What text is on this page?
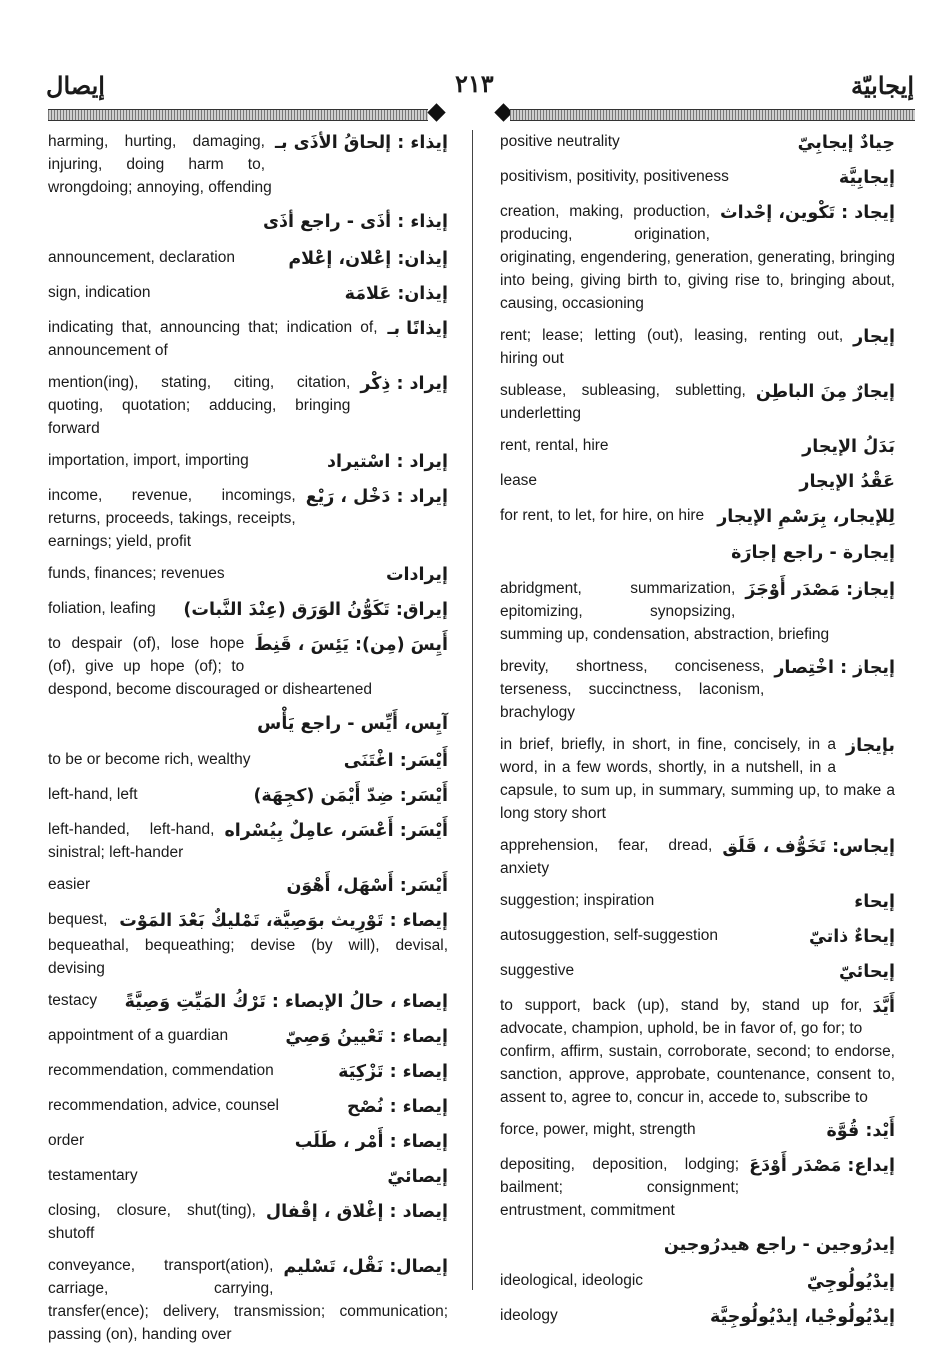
إيصال	٢١٣	إيجابيّة
إيذاء : إلحاقُ الأذَى بـ
harming, hurting, damaging, injuring, doing harm to, wrongdoing; annoying, offending
إيذاء : أذَى - راجع أذَى
إيذان: إعْلان، إعْلام
announcement, declaration
إيذان: عَلامَة
sign, indication
إيذانًا بـ
indicating that, announcing that; indication of, announcement of
إيراد : ذِكْر
mention(ing), stating, citing, citation, quoting, quotation; adducing, bringing forward
إيراد : اسْتيراد
importation, import, importing
إيراد : دَخْل ، رَيْع
income, revenue, incomings, returns, proceeds, takings, receipts, earnings; yield, profit
إيرادات
funds, finances; revenues
إيراق: تَكَوُّنُ الوَرَق (عِنْدَ النَّبات)
foliation, leafing
أَيِسَ (مِن): يَئِسَ ، قَنِطَ
to despair (of), lose hope (of), give up hope (of); to despond, become discouraged or disheartened
آيِس، أَيِّس - راجع يَأْس
أَيْسَر: اغْتَنَى
to be or become rich, wealthy
أَيْسَر: ضِدّ أَيْمَن (كجِهَة)
left-hand, left
أَيْسَر: أَعْسَر، عامِلٌ بِيُسْراه
left-handed, left-hand, sinistral; left-hander
أَيْسَر: أَسْهَل، أَهْوَن
easier
إيصاء : تَوْرِيث بوَصِيَّة، تَمْليكٌ بَعْدَ المَوْت
bequest, bequeathal, bequeathing; devise (by will), devisal, devising
إيصاء ، حالُ الإيصاء : تَرْكُ المَيِّتِ وَصِيَّةً
testacy
إيصاء : تَعْيينُ وَصِيّ
appointment of a guardian
إيصاء : تَزْكِيَة
recommendation, commendation
إيصاء : نُصْح
recommendation, advice, counsel
إيصاء : أَمْر ، طَلَب
order
إيصائيّ
testamentary
إيصاد : إغْلاق ، إقْفال
closing, closure, shut(ting), shutoff
إيصال: نَقْل، تَسْليم
conveyance, transport(ation), carriage, carrying, transfer(ence); delivery, transmission; communication; passing (on), handing over
حِيادٌ إيجابِيّ
positive neutrality
إيجابِيَّة
positivism, positivity, positiveness
إيجاد : تَكْوين، إحْداث
creation, making, production, producing, origination, originating, engendering, generation, generating, bringing into being, giving birth to, giving rise to, bringing about, causing, occasioning
إيجار
rent; lease; letting (out), leasing, renting out, hiring out
إيجارٌ مِنَ الباطِن
sublease, subleasing, subletting, underletting
بَدَلُ الإيجار
rent, rental, hire
عَقْدُ الإيجار
lease
لِلإيجار، بِرَسْمِ الإيجار
for rent, to let, for hire, on hire
إيجارة - راجع إجارَة
إيجاز: مَصْدَر أَوْجَزَ
abridgment, summarization, epitomizing, synopsizing, summing up, condensation, abstraction, briefing
إيجاز : اخْتِصار
brevity, shortness, conciseness, terseness, succinctness, laconism, brachylogy
بإيجاز
in brief, briefly, in short, in fine, concisely, in a word, in a few words, shortly, in a nutshell, in a capsule, to sum up, in summary, summing up, to make a long story short
إيجاس: تَخَوُّف ، قَلَق
apprehension, fear, dread, anxiety
إيحاء
suggestion; inspiration
إيحاءٌ ذاتيّ
autosuggestion, self-suggestion
إيحائيّ
suggestive
أَيَّدَ
to support, back (up), stand by, stand up for, advocate, champion, uphold, be in favor of, go for; to confirm, affirm, sustain, corroborate, second; to endorse, sanction, approve, approbate, countenance, consent to, assent to, agree to, concur in, accede to, subscribe to
أَيْد: قُوَّة
force, power, might, strength
إيداع: مَصْدَر أَوْدَعَ
depositing, deposition, lodging; bailment; consignment; entrustment, commitment
إيدرُوجين - راجع هيدرُوجين
إيدْيُولُوجِيّ
ideological, ideologic
إيدْيُولُوجْيا، إيدْيُولُوجِيَّة
ideology
